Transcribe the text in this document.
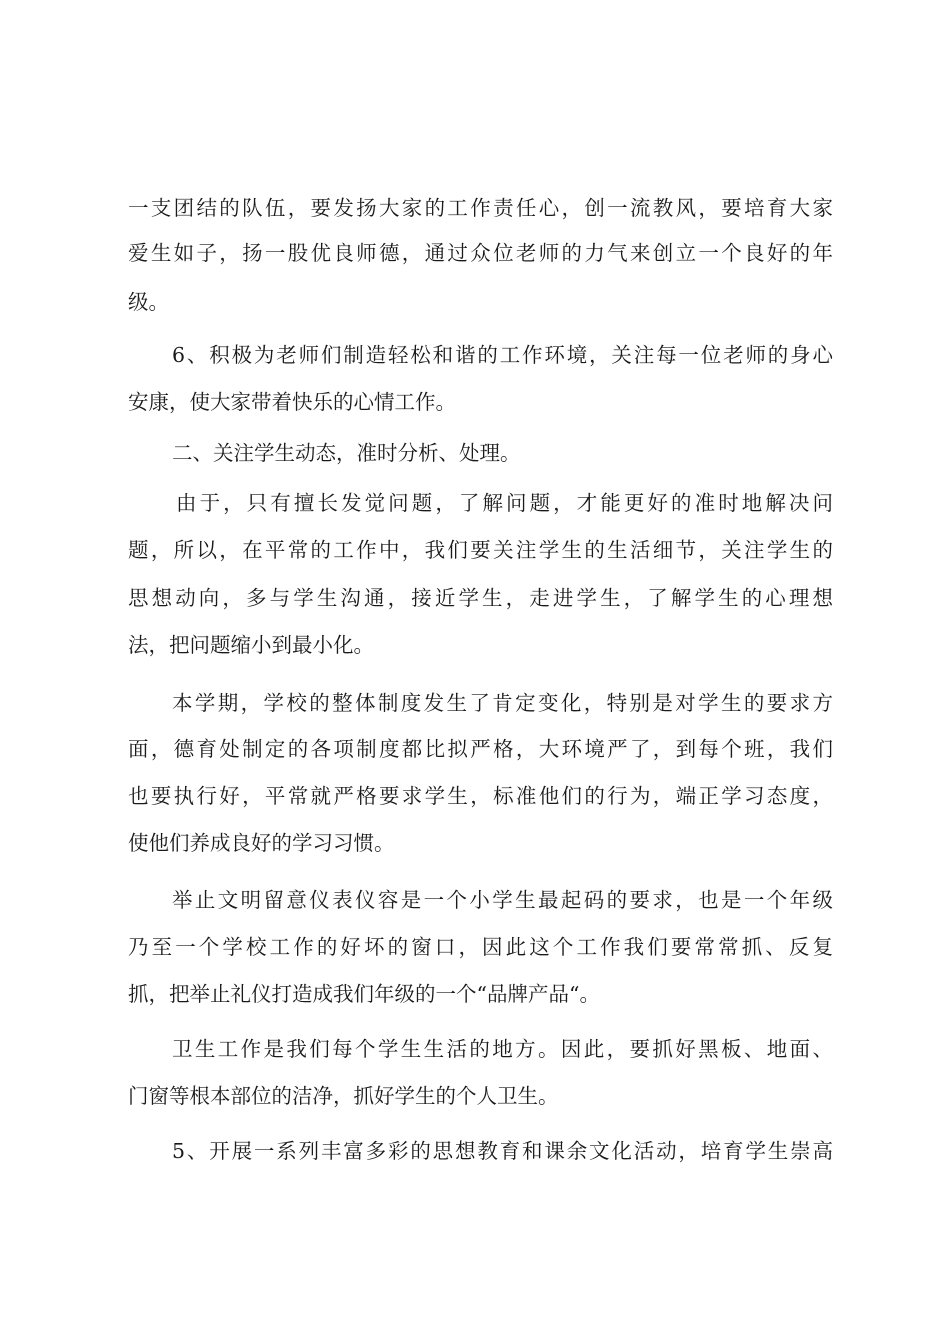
一支团结的队伍，要发扬大家的工作责任心，创一流教风，要培育大家
爱生如子，扬一股优良师德，通过众位老师的力气来创立一个良好的年
级。
6、积极为老师们制造轻松和谐的工作环境，关注每一位老师的身心
安康，使大家带着快乐的心情工作。
二、关注学生动态，准时分析、处理。
由于，只有擅长发觉问题，了解问题，才能更好的准时地解决问
题，所以，在平常的工作中，我们要关注学生的生活细节，关注学生的
思想动向，多与学生沟通，接近学生，走进学生，了解学生的心理想
法，把问题缩小到最小化。
本学期，学校的整体制度发生了肯定变化，特别是对学生的要求方
面，德育处制定的各项制度都比拟严格，大环境严了，到每个班，我们
也要执行好，平常就严格要求学生，标准他们的行为，端正学习态度，
使他们养成良好的学习习惯。
举止文明留意仪表仪容是一个小学生最起码的要求，也是一个年级
乃至一个学校工作的好坏的窗口，因此这个工作我们要常常抓、反复
抓，把举止礼仪打造成我们年级的一个“品牌产品“。
卫生工作是我们每个学生生活的地方。因此，要抓好黑板、地面、
门窗等根本部位的洁净，抓好学生的个人卫生。
5、开展一系列丰富多彩的思想教育和课余文化活动，培育学生崇高
